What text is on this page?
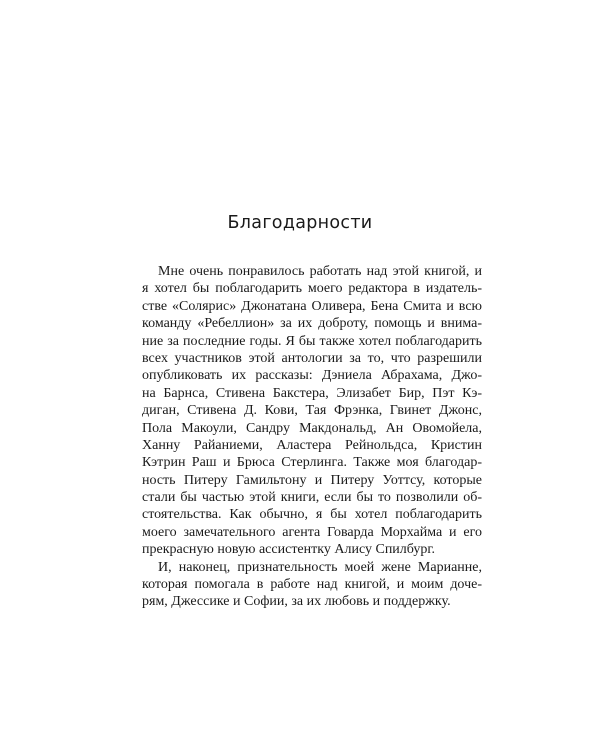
Благодарности
Мне очень понравилось работать над этой книгой, и
я хотел бы поблагодарить моего редактора в издатель-
стве «Солярис» Джонатана Оливера, Бена Смита и всю
команду «Ребеллион» за их доброту, помощь и внима-
ние за последние годы. Я бы также хотел поблагодарить
всех участников этой антологии за то, что разрешили
опубликовать их рассказы: Дэниела Абрахама, Джо-
на Барнса, Стивена Бакстера, Элизабет Бир, Пэт Кэ-
диган, Стивена Д. Кови, Тая Фрэнка, Гвинет Джонс,
Пола Макоули, Сандру Макдональд, Ан Овомойела,
Ханну Райаниеми, Аластера Рейнольдса, Кристин
Кэтрин Раш и Брюса Стерлинга. Также моя благодар-
ность Питеру Гамильтону и Питеру Уоттсу, которые
стали бы частью этой книги, если бы то позволили об-
стоятельства. Как обычно, я бы хотел поблагодарить
моего замечательного агента Говарда Морхайма и его
прекрасную новую ассистентку Алису Спилбург.
И, наконец, признательность моей жене Марианне,
которая помогала в работе над книгой, и моим доче-
рям, Джессике и Софии, за их любовь и поддержку.
